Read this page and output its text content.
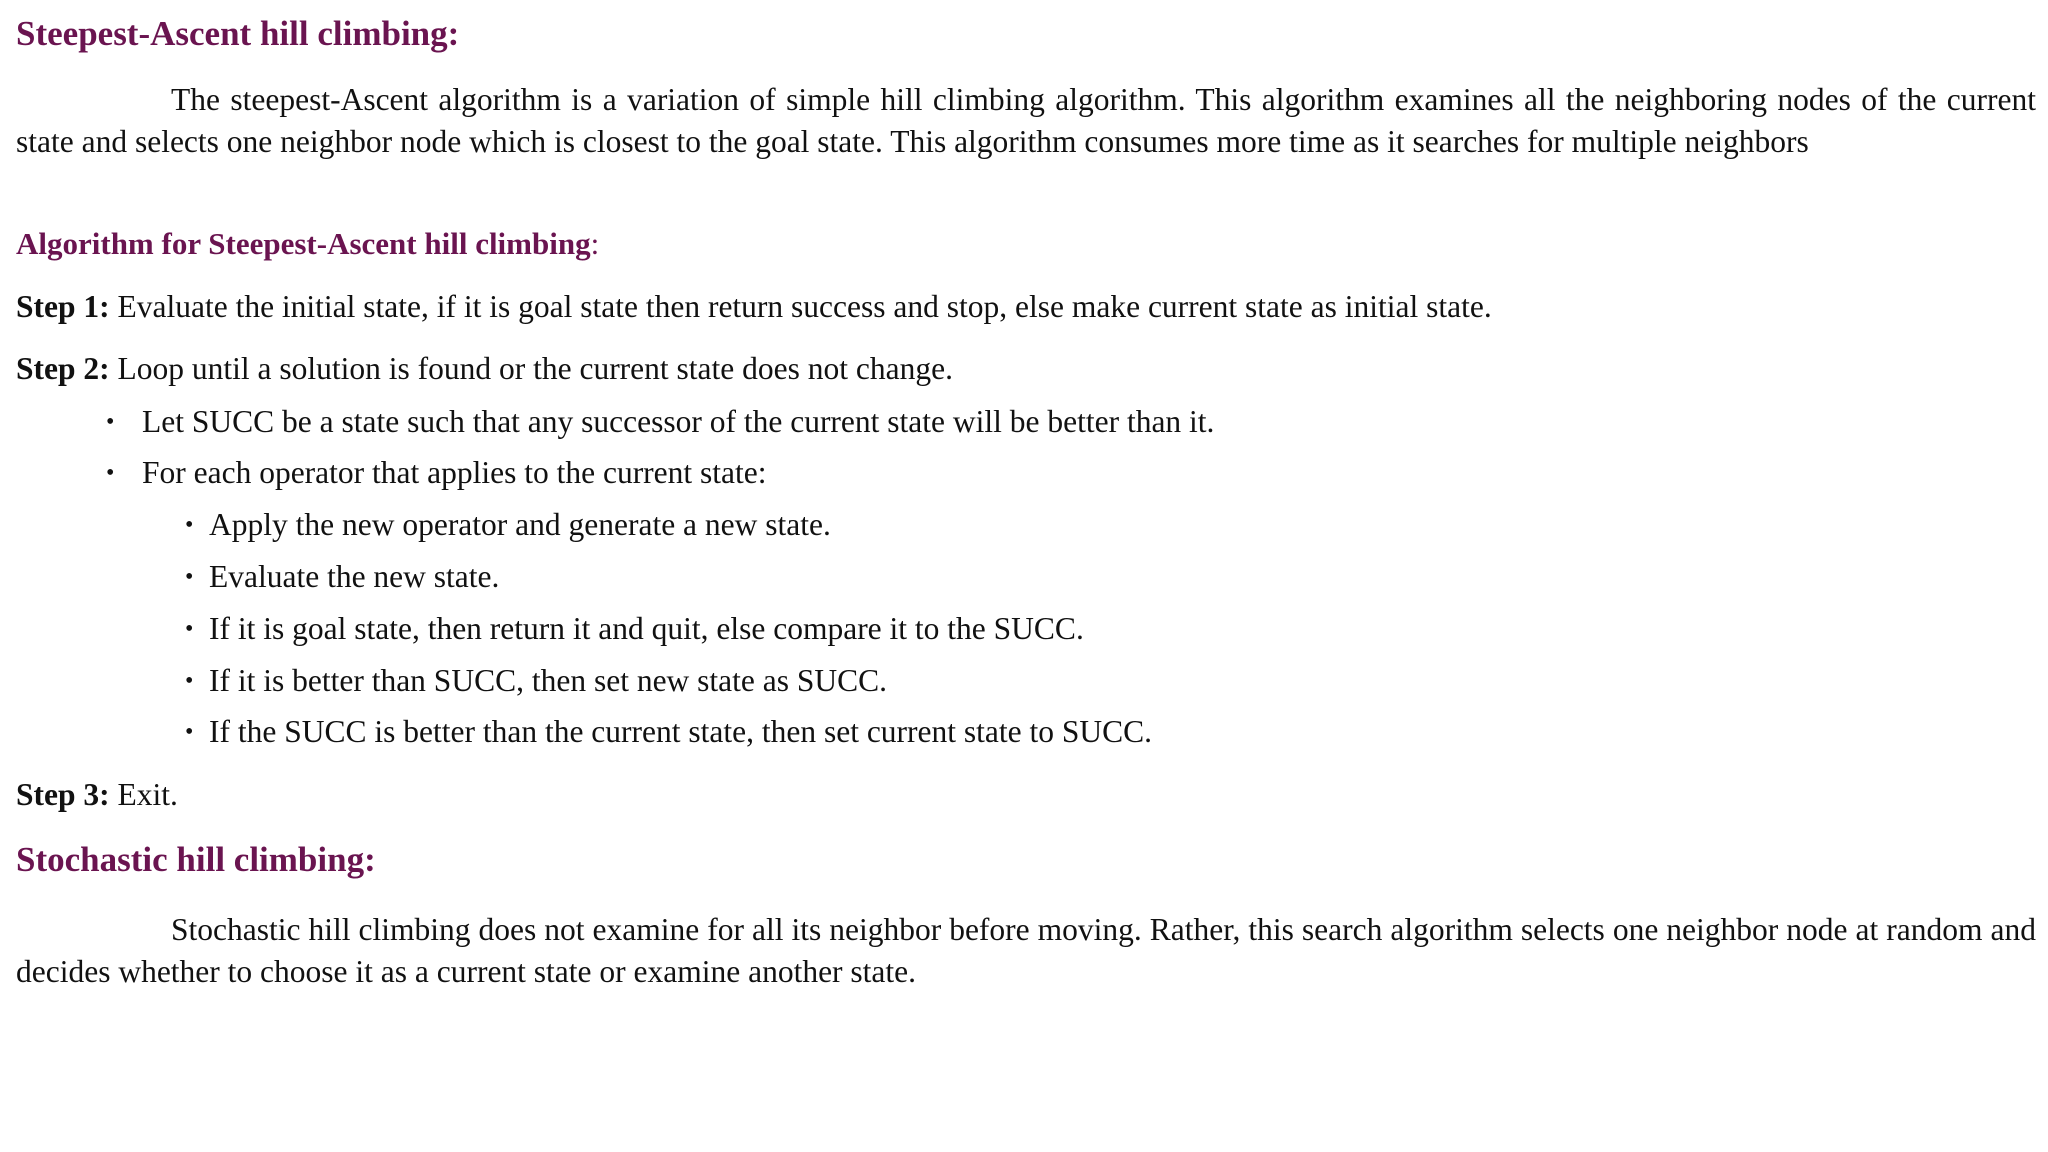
Steepest-Ascent hill climbing:

The steepest-Ascent algorithm is a variation of simple hill climbing algorithm. This algorithm examines all the neighboring nodes of the current state and selects one neighbor node which is closest to the goal state. This algorithm consumes more time as it searches for multiple neighbors

Algorithm for Steepest-Ascent hill climbing:
Step 1: Evaluate the initial state, if it is goal state then return success and stop, else make current state as initial state.
Step 2: Loop until a solution is found or the current state does not change.
• Let SUCC be a state such that any successor of the current state will be better than it.
• For each operator that applies to the current state:
• Apply the new operator and generate a new state.
• Evaluate the new state.
• If it is goal state, then return it and quit, else compare it to the SUCC.
• If it is better than SUCC, then set new state as SUCC.
• If the SUCC is better than the current state, then set current state to SUCC.
Step 3: Exit.
Stochastic hill climbing:

Stochastic hill climbing does not examine for all its neighbor before moving. Rather, this search algorithm selects one neighbor node at random and decides whether to choose it as a current state or examine another state.
